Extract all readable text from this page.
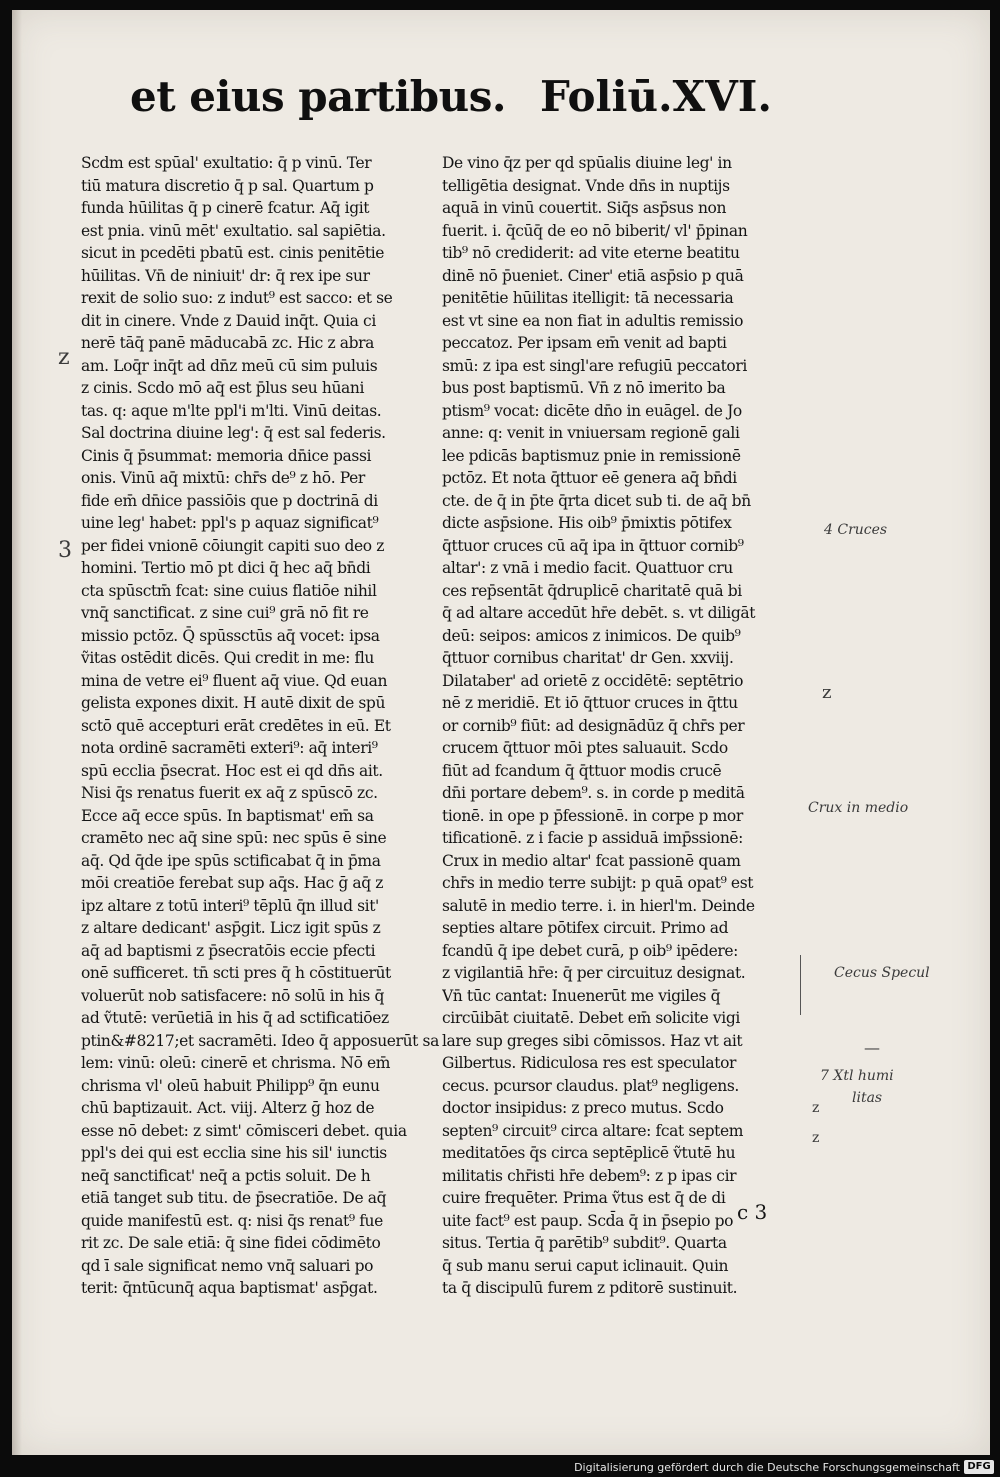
et eius partibus. Foliū.XVI.
Scdm est spūal' exultatio: q̄ p vinū. Ter
tiū matura discretio q̄ p sal. Quartum p
funda hūilitas q̄ p cinerē fcatur. Aq̄ igit
est pnia. vinū mēt' exultatio. sal sapiētia.
sicut in pcedēti pbatū est. cinis penitētie
hūilitas. Vn̄ de niniuit' dr: q̄ rex ipe sur
rexit de solio suo: z indut⁹ est sacco: et se
dit in cinere. Vnde z Dauid inq̄t. Quia ci
nerē tāq̄ panē māducabā zc. Hic z abra
am. Loq̄r inq̄t ad dn̄z meū cū sim puluis
z cinis. Scdo mō aq̄ est p̄lus seu hūani
tas. q: aque m'lte ppl'i m'lti. Vinū deitas.
Sal doctrina diuine leg': q̄ est sal federis.
Cinis q̄ p̄summat: memoria dn̄ice passi
onis. Vinū aq̄ mixtū: chr̄s de⁹ z hō. Per
fide em̄ dn̄ice passiōis que p doctrinā di
uine leg' habet: ppl's p aquaz significat⁹
per fidei vnionē cōiungit capiti suo deo z
homini. Tertio mō pt dici q̄ hec aq̄ bn̄di
cta spūsctm̄ fcat: sine cuius flatiōe nihil
vnq̄ sanctificat. z sine cui⁹ grā nō fit re
missio pctōz. Q̄ spūssctūs aq̄ vocet: ipsa
ṽitas ostēdit dicēs. Qui credit in me: flu
mina de vetre ei⁹ fluent aq̄ viue. Qd euan
gelista expones dixit. H autē dixit de spū
sctō quē accepturi erāt credētes in eū. Et
nota ordinē sacramēti exteri⁹: aq̄ interi⁹
spū ecclia p̄secrat. Hoc est ei qd dn̄s ait.
Nisi q̄s renatus fuerit ex aq̄ z spūscō zc.
Ecce aq̄ ecce spūs. In baptismat' em̄ sa
cramēto nec aq̄ sine spū: nec spūs ē sine
aq̄. Qd q̄de ipe spūs sctificabat q̄ in p̄ma
mōi creatiōe ferebat sup aq̄s. Hac ḡ aq̄ z
ipz altare z totū interi⁹ tēplū q̄n illud sit'
z altare dedicant' asp̄git. Licz igit spūs z
aq̄ ad baptismi z p̄secratōis eccie pfecti
onē sufficeret. tn̄ scti pres q̄ h cōstituerūt
voluerūt nob satisfacere: nō solū in his q̄
ad ṽtutē: verūetiā in his q̄ ad sctificatiōez
ptin&#8217;et sacramēti. Ideo q̄ apposuerūt sa
lem: vinū: oleū: cinerē et chrisma. Nō em̄
chrisma vl' oleū habuit Philipp⁹ q̄n eunu
chū baptizauit. Act. viij. Alterz ḡ hoz de
esse nō debet: z simt' cōmisceri debet. quia
ppl's dei qui est ecclia sine his sil' iunctis
neq̄ sanctificat' neq̄ a pctis soluit. De h
etiā tanget sub titu. de p̄secratiōe. De aq̄
quide manifestū est. q: nisi q̄s renat⁹ fue
rit zc. De sale etiā: q̄ sine fidei cōdimēto
qd ī sale significat nemo vnq̄ saluari po
terit: q̄ntūcunq̄ aqua baptismat' asp̄gat.
De vino q̄z per qd spūalis diuine leg' in
telligētia designat. Vnde dn̄s in nuptijs
aquā in vinū couertit. Siq̄s asp̄sus non
fuerit. i. q̄cūq̄ de eo nō biberit/ vl' p̄pinan
tib⁹ nō crediderit: ad vite eterne beatitu
dinē nō p̄ueniet. Ciner' etiā asp̄sio p quā
penitētie hūilitas itelligit: tā necessaria
est vt sine ea non fiat in adultis remissio
peccatoz. Per ipsam em̄ venit ad bapti
smū: z ipa est singl'are refugiū peccatori
bus post baptismū. Vn̄ z nō imerito ba
ptism⁹ vocat: dicēte dn̄o in euāgel. de Jo
anne: q: venit in vniuersam regionē gali
lee pdicās baptismuz pnie in remissionē
pctōz. Et nota q̄ttuor eē genera aq̄ bn̄di
cte. de q̄ in p̄te q̄rta dicet sub ti. de aq̄ bn̄
dicte asp̄sione. His oib⁹ p̄mixtis pōtifex
q̄ttuor cruces cū aq̄ ipa in q̄ttuor cornib⁹
altar': z vnā i medio facit. Quattuor cru
ces rep̄sentāt q̄druplicē charitatē quā bi
q̄ ad altare accedūt hr̄e debēt. s. vt diligāt
deū: seipos: amicos z inimicos. De quib⁹
q̄ttuor cornibus charitat' dr Gen. xxviij.
Dilataber' ad orietē z occidētē: septētrio
nē z meridiē. Et iō q̄ttuor cruces in q̄ttu
or cornib⁹ fiūt: ad designādūz q̄ chr̄s per
crucem q̄ttuor mōi ptes saluauit. Scdo
fiūt ad fcandum q̄ q̄ttuor modis crucē
dn̄i portare debem⁹. s. in corde p meditā
tionē. in ope p p̄fessionē. in corpe p mor
tificationē. z i facie p assiduā imp̄ssionē:
Crux in medio altar' fcat passionē quam
chr̄s in medio terre subijt: p quā opat⁹ est
salutē in medio terre. i. in hierl'm. Deinde
septies altare pōtifex circuit. Primo ad
fcandū q̄ ipe debet curā, p oib⁹ ipēdere:
z vigilantiā hr̄e: q̄ per circuituz designat.
Vn̄ tūc cantat: Inuenerūt me vigiles q̄
circūibāt ciuitatē. Debet em̄ solicite vigi
lare sup greges sibi cōmissos. Haz vt ait
Gilbertus. Ridiculosa res est speculator
cecus. pcursor claudus. plat⁹ negligens.
doctor insipidus: z preco mutus. Scdo
septen⁹ circuit⁹ circa altare: fcat septem
meditatōes q̄s circa septēplicē ṽtutē hu
militatis chr̄isti hr̄e debem⁹: z p ipas cir
cuire frequēter. Prima ṽtus est q̄ de di
uite fact⁹ est paup. Scd̄a q̄ in p̄sepio po
situs. Tertia q̄ parētib⁹ subdit⁹. Quarta
q̄ sub manu serui caput iclinauit. Quin
ta q̄ discipulū furem z pditorē sustinuit.
c 3
z
3
4 Cruces
z
Crux in medio
Cecus Specul
—
7 Xtl humi
litas
z
z
Digitalisierung gefördert durch die Deutsche Forschungsgemeinschaft DFG
